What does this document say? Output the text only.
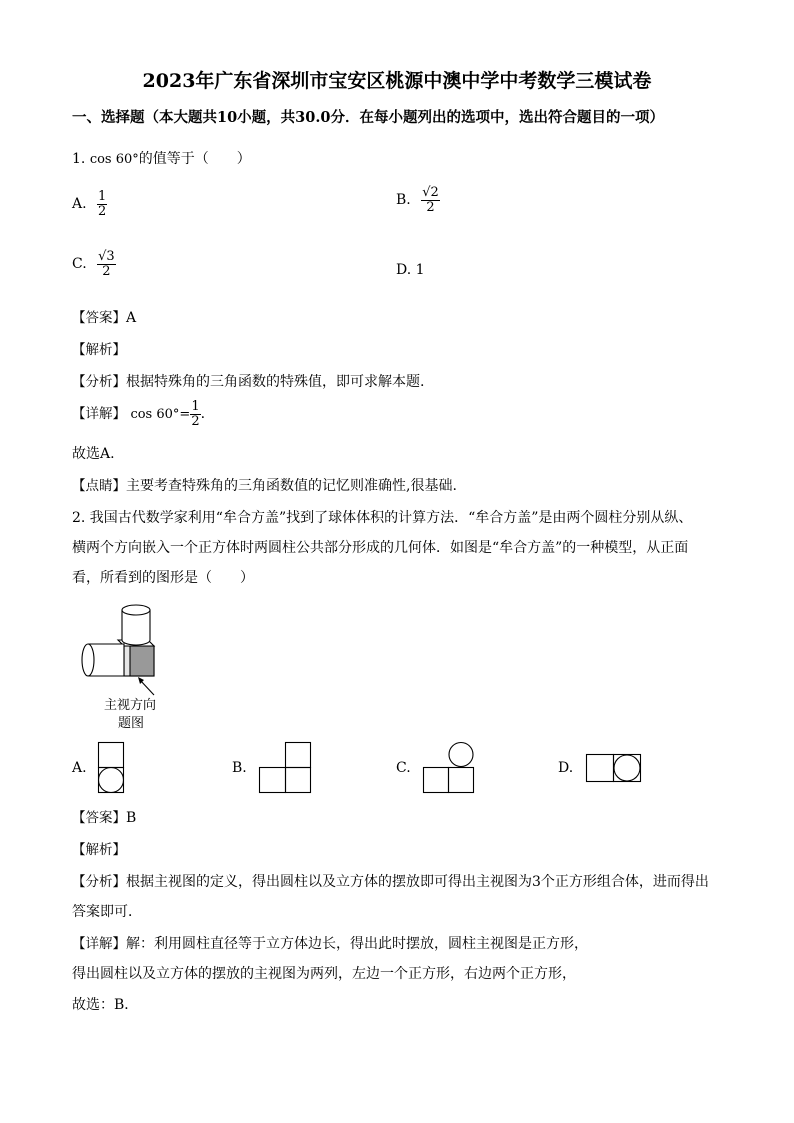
2023年广东省深圳市宝安区桃源中澳中学中考数学三模试卷
一、选择题（本大题共10小题，共30.0分．在每小题列出的选项中，选出符合题目的一项）
1. cos 60°的值等于（　　）
A. $\frac{1}{2}$	B. $\frac{√2}{2}$
C. $\frac{√3}{2}$	D. 1
【答案】A
【解析】
【分析】根据特殊角的三角函数的特殊值，即可求解本题.
【详解】 $\cos 60^\circ= \frac{1}{2}$ .
故选A.
【点睛】主要考查特殊角的三角函数值的记忆则准确性,很基础.
2. 我国古代数学家利用“牟合方盖”找到了球体体积的计算方法．“牟合方盖”是由两个圆柱分别从纵、
横两个方向嵌入一个正方体时两圆柱公共部分形成的几何体．如图是“牟合方盖”的一种模型，从正面
看，所看到的图形是（　　）
主视方向
题图
A.	B.	C.	D.
【答案】B
【解析】
【分析】根据主视图的定义，得出圆柱以及立方体的摆放即可得出主视图为3个正方形组合体，进而得出
答案即可．
【详解】解：利用圆柱直径等于立方体边长，得出此时摆放，圆柱主视图是正方形，
得出圆柱以及立方体的摆放的主视图为两列，左边一个正方形，右边两个正方形，
故选：B．
